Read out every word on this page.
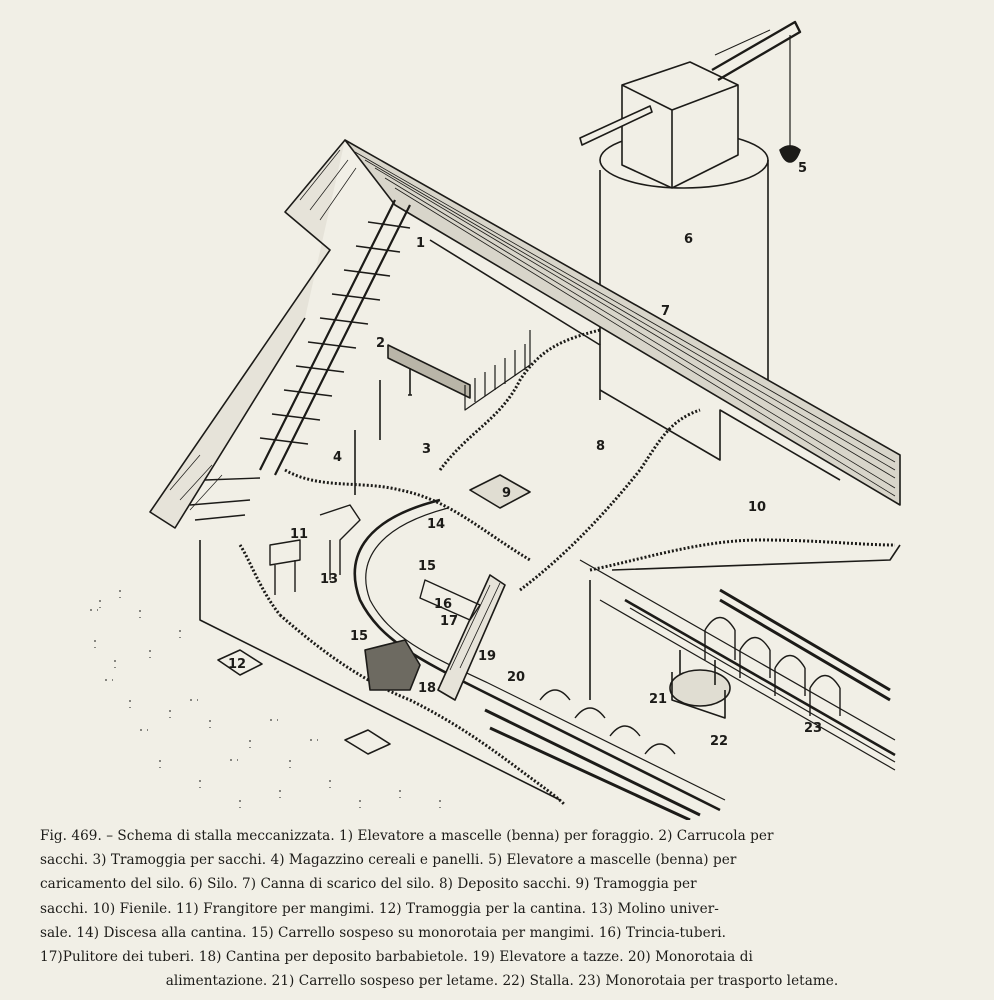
1
2
3
4
5
6
7
8
9
10
11
12
13
14
15
15
16
17
18
19
20
21
22
23
Fig. 469. – Schema di stalla meccanizzata. 1) Elevatore a mascelle (benna) per foraggio. 2) Carrucola per
sacchi. 3) Tramoggia per sacchi. 4) Magazzino cereali e panelli. 5) Elevatore a mascelle (benna) per
caricamento del silo. 6) Silo. 7) Canna di scarico del silo. 8) Deposito sacchi. 9) Tramoggia per
sacchi. 10) Fienile. 11) Frangitore per mangimi. 12) Tramoggia per la cantina. 13) Molino univer-
sale. 14) Discesa alla cantina. 15) Carrello sospeso su monorotaia per mangimi. 16) Trincia-tuberi.
17)Pulitore dei tuberi. 18) Cantina per deposito barbabietole. 19) Elevatore a tazze. 20) Monorotaia di
alimentazione. 21) Carrello sospeso per letame. 22) Stalla. 23) Monorotaia per trasporto letame.
